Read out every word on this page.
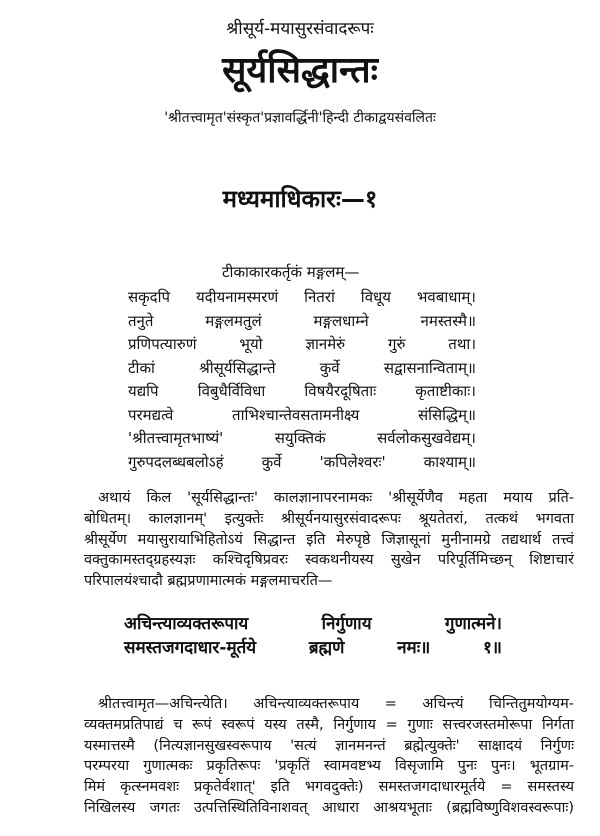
श्रीसूर्य-मयासुरसंवादरूपः
सूर्यसिद्धान्तः
'श्रीतत्त्वामृत'संस्कृत'प्रज्ञावर्द्धिनी'हिन्दी टीकाद्वयसंवलितः
मध्यमाधिकारः—१
टीकाकारकर्तृकं मङ्गलम्—
सकृदपि यदीयनामस्मरणं नितरां विधूय भवबाधाम्।
तनुते मङ्गलमतुलं मङ्गलधाम्ने नमस्तस्मै॥
प्रणिपत्यारुणं भूयो ज्ञानमेरुं गुरुं तथा।
टीकां श्रीसूर्यसिद्धान्ते कुर्वे सद्वासनान्विताम्॥
यद्यपि विबुधैर्विविधा विषयैरदूषिताः कृताष्टीकाः।
परमद्यत्वे ताभिश्चान्तेवसतामनीक्ष्य संसिद्धिम्॥
'श्रीतत्त्वामृतभाष्यं' सयुक्तिकं सर्वलोकसुखवेद्यम्।
गुरुपदलब्धबलोऽहं कुर्वे 'कपिलेश्वरः' काश्याम्॥
अथायं किल 'सूर्यसिद्धान्तः' कालज्ञानापरनामकः 'श्रीसूर्येणैव महता मयाय प्रति-
बोधितम्। कालज्ञानम्' इत्युक्तेः श्रीसूर्यनयासुरसंवादरूपः श्रूयतेतरां, तत्कथं भगवता
श्रीसूर्येण मयासुरायाभिहितोऽयं सिद्धान्त इति मेरुपृष्ठे जिज्ञासूनां मुनीनामग्रे तद्यथार्थ तत्त्वं
वक्तुकामस्तद्ग्रहस्यज्ञः कश्चिदृषिप्रवरः स्वकथनीयस्य सुखेन परिपूर्तिमिच्छन् शिष्टाचारं
परिपालयंश्चादौ ब्रह्मप्रणामात्मकं मङ्गलमाचरति—
अचिन्त्याव्यक्तरूपाय निर्गुणाय गुणात्मने।
समस्तजगदाधार-मूर्तये ब्रह्मणे नमः॥ १॥
श्रीतत्त्वामृत—अचिन्त्येति। अचिन्त्याव्यक्तरूपाय = अचिन्त्यं चिन्तितुमयोग्यम-
व्यक्तमप्रतिपाद्यं च रूपं स्वरूपं यस्य तस्मै, निर्गुणाय = गुणाः सत्त्वरजस्तमोरूपा निर्गता
यस्मात्तस्मै (नित्यज्ञानसुखस्वरूपाय 'सत्यं ज्ञानमनन्तं ब्रह्मेत्युक्तेः' साक्षादयं निर्गुणः
परम्परया गुणात्मकः प्रकृतिरूपः 'प्रकृतिं स्वामवष्टभ्य विसृजामि पुनः पुनः। भूतग्राम-
मिमं कृत्स्नमवशः प्रकृतेर्वशात्' इति भगवदुक्तेः) समस्तजगदाधारमूर्तये = समस्तस्य
निखिलस्य जगतः उत्पत्तिस्थितिविनाशवत् आधारा आश्रयभूताः (ब्रह्मविष्णुविशवस्वरूपाः)
